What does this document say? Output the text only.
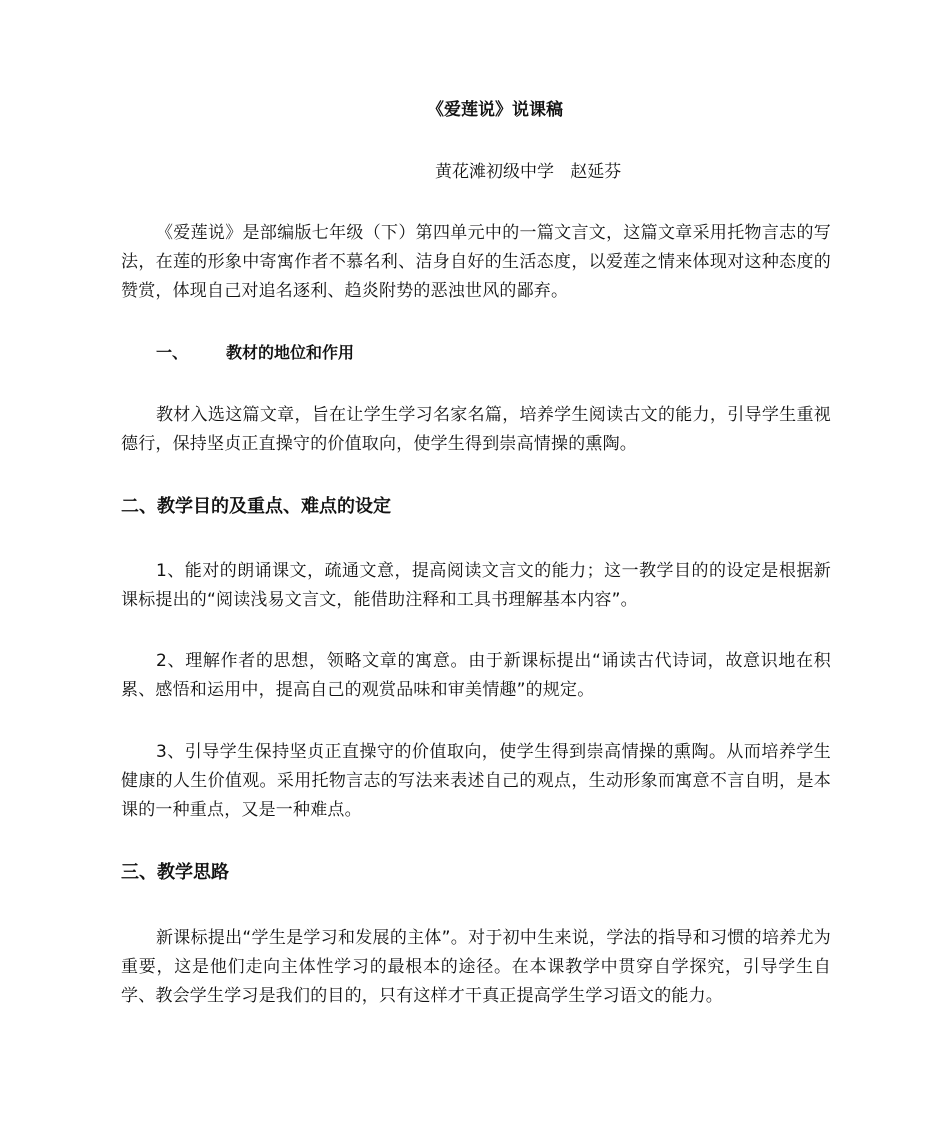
《爱莲说》说课稿
黄花滩初级中学   赵延芬
《爱莲说》是部编版七年级（下）第四单元中的一篇文言文，这篇文章采用托物言志的写法，在莲的形象中寄寓作者不慕名利、洁身自好的生活态度，以爱莲之情来体现对这种态度的赞赏，体现自己对追名逐利、趋炎附势的恶浊世风的鄙弃。
一、 教材的地位和作用
教材入选这篇文章，旨在让学生学习名家名篇，培养学生阅读古文的能力，引导学生重视德行，保持坚贞正直操守的价值取向，使学生得到崇高情操的熏陶。
二、教学目的及重点、难点的设定
1、能对的朗诵课文，疏通文意，提高阅读文言文的能力；这一教学目的的设定是根据新课标提出的“阅读浅易文言文，能借助注释和工具书理解基本内容”。
2、理解作者的思想，领略文章的寓意。由于新课标提出“诵读古代诗词，故意识地在积累、感悟和运用中，提高自己的观赏品味和审美情趣”的规定。
3、引导学生保持坚贞正直操守的价值取向，使学生得到崇高情操的熏陶。从而培养学生健康的人生价值观。采用托物言志的写法来表述自己的观点，生动形象而寓意不言自明，是本课的一种重点，又是一种难点。
三、教学思路
新课标提出“学生是学习和发展的主体”。对于初中生来说，学法的指导和习惯的培养尤为重要，这是他们走向主体性学习的最根本的途径。在本课教学中贯穿自学探究，引导学生自学、教会学生学习是我们的目的，只有这样才干真正提高学生学习语文的能力。
